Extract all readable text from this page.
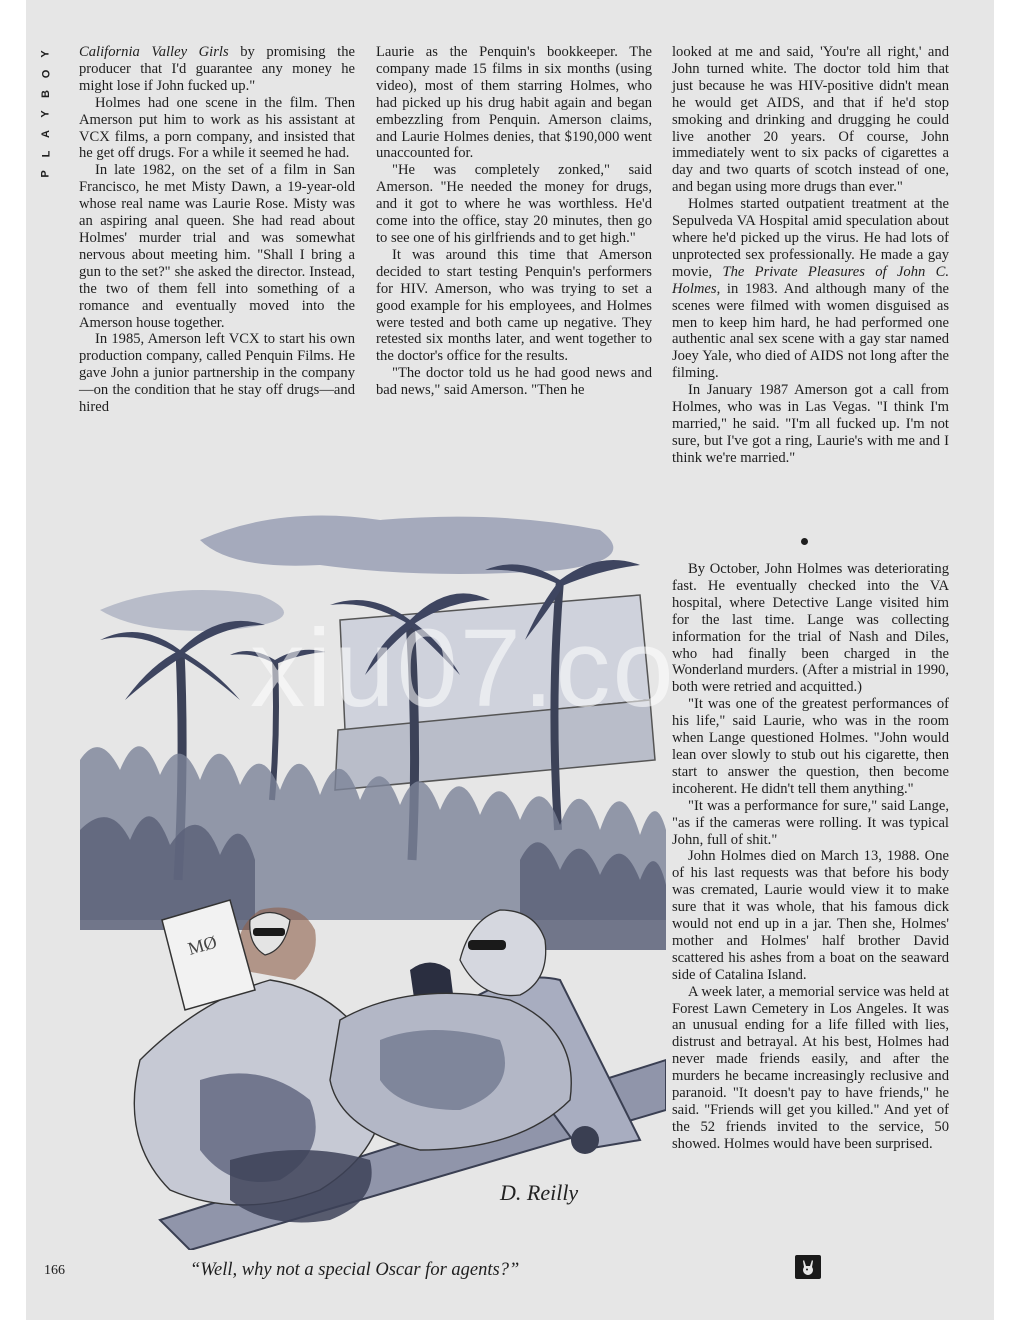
Y
O
B
Y
A
L
P

California Valley Girls by promising the producer that I'd guarantee any money he might lose if John fucked up."

Holmes had one scene in the film. Then Amerson put him to work as his assistant at VCX films, a porn company, and insisted that he get off drugs. For a while it seemed he had.

In late 1982, on the set of a film in San Francisco, he met Misty Dawn, a 19-year-old whose real name was Laurie Rose. Misty was an aspiring anal queen. She had read about Holmes' murder trial and was somewhat nervous about meeting him. "Shall I bring a gun to the set?" she asked the director. Instead, the two of them fell into something of a romance and eventually moved into the Amerson house together.

In 1985, Amerson left VCX to start his own production company, called Penquin Films. He gave John a junior partnership in the company—on the condition that he stay off drugs—and hired

Laurie as the Penquin's bookkeeper. The company made 15 films in six months (using video), most of them starring Holmes, who had picked up his drug habit again and began embezzling from Penquin. Amerson claims, and Laurie Holmes denies, that $190,000 went unaccounted for.

"He was completely zonked," said Amerson. "He needed the money for drugs, and it got to where he was worthless. He'd come into the office, stay 20 minutes, then go to see one of his girlfriends and to get high."

It was around this time that Amerson decided to start testing Penquin's performers for HIV. Amerson, who was trying to set a good example for his employees, and Holmes were tested and both came up negative. They retested six months later, and went together to the doctor's office for the results.

"The doctor told us he had good news and bad news," said Amerson. "Then he

looked at me and said, 'You're all right,' and John turned white. The doctor told him that just because he was HIV-positive didn't mean he would get AIDS, and that if he'd stop smoking and drinking and drugging he could live another 20 years. Of course, John immediately went to six packs of cigarettes a day and two quarts of scotch instead of one, and began using more drugs than ever."

Holmes started outpatient treatment at the Sepulveda VA Hospital amid speculation about where he'd picked up the virus. He had lots of unprotected sex professionally. He made a gay movie, The Private Pleasures of John C. Holmes, in 1983. And although many of the scenes were filmed with women disguised as men to keep him hard, he had performed one authentic anal sex scene with a gay star named Joey Yale, who died of AIDS not long after the filming.

In January 1987 Amerson got a call from Holmes, who was in Las Vegas. "I think I'm married," he said. "I'm all fucked up. I'm not sure, but I've got a ring, Laurie's with me and I think we're married."

By October, John Holmes was deteriorating fast. He eventually checked into the VA hospital, where Detective Lange visited him for the last time. Lange was collecting information for the trial of Nash and Diles, who had finally been charged in the Wonderland murders. (After a mistrial in 1990, both were retried and acquitted.)

"It was one of the greatest performances of his life," said Laurie, who was in the room when Lange questioned Holmes. "John would lean over slowly to stub out his cigarette, then start to answer the question, then become incoherent. He didn't tell them anything."

"It was a performance for sure," said Lange, "as if the cameras were rolling. It was typical John, full of shit."

John Holmes died on March 13, 1988. One of his last requests was that before his body was cremated, Laurie would view it to make sure that it was whole, that his famous dick would not end up in a jar. Then she, Holmes' mother and Holmes' half brother David scattered his ashes from a boat on the seaward side of Catalina Island.

A week later, a memorial service was held at Forest Lawn Cemetery in Los Angeles. It was an unusual ending for a life filled with lies, distrust and betrayal. At his best, Holmes had never made friends easily, and after the murders he became increasingly reclusive and paranoid. "It doesn't pay to have friends," he said. "Friends will get you killed." And yet of the 52 friends invited to the service, 50 showed. Holmes would have been surprised.

MØ
D. Reilly
“Well, why not a special Oscar for agents?”
166
xiu07.co
